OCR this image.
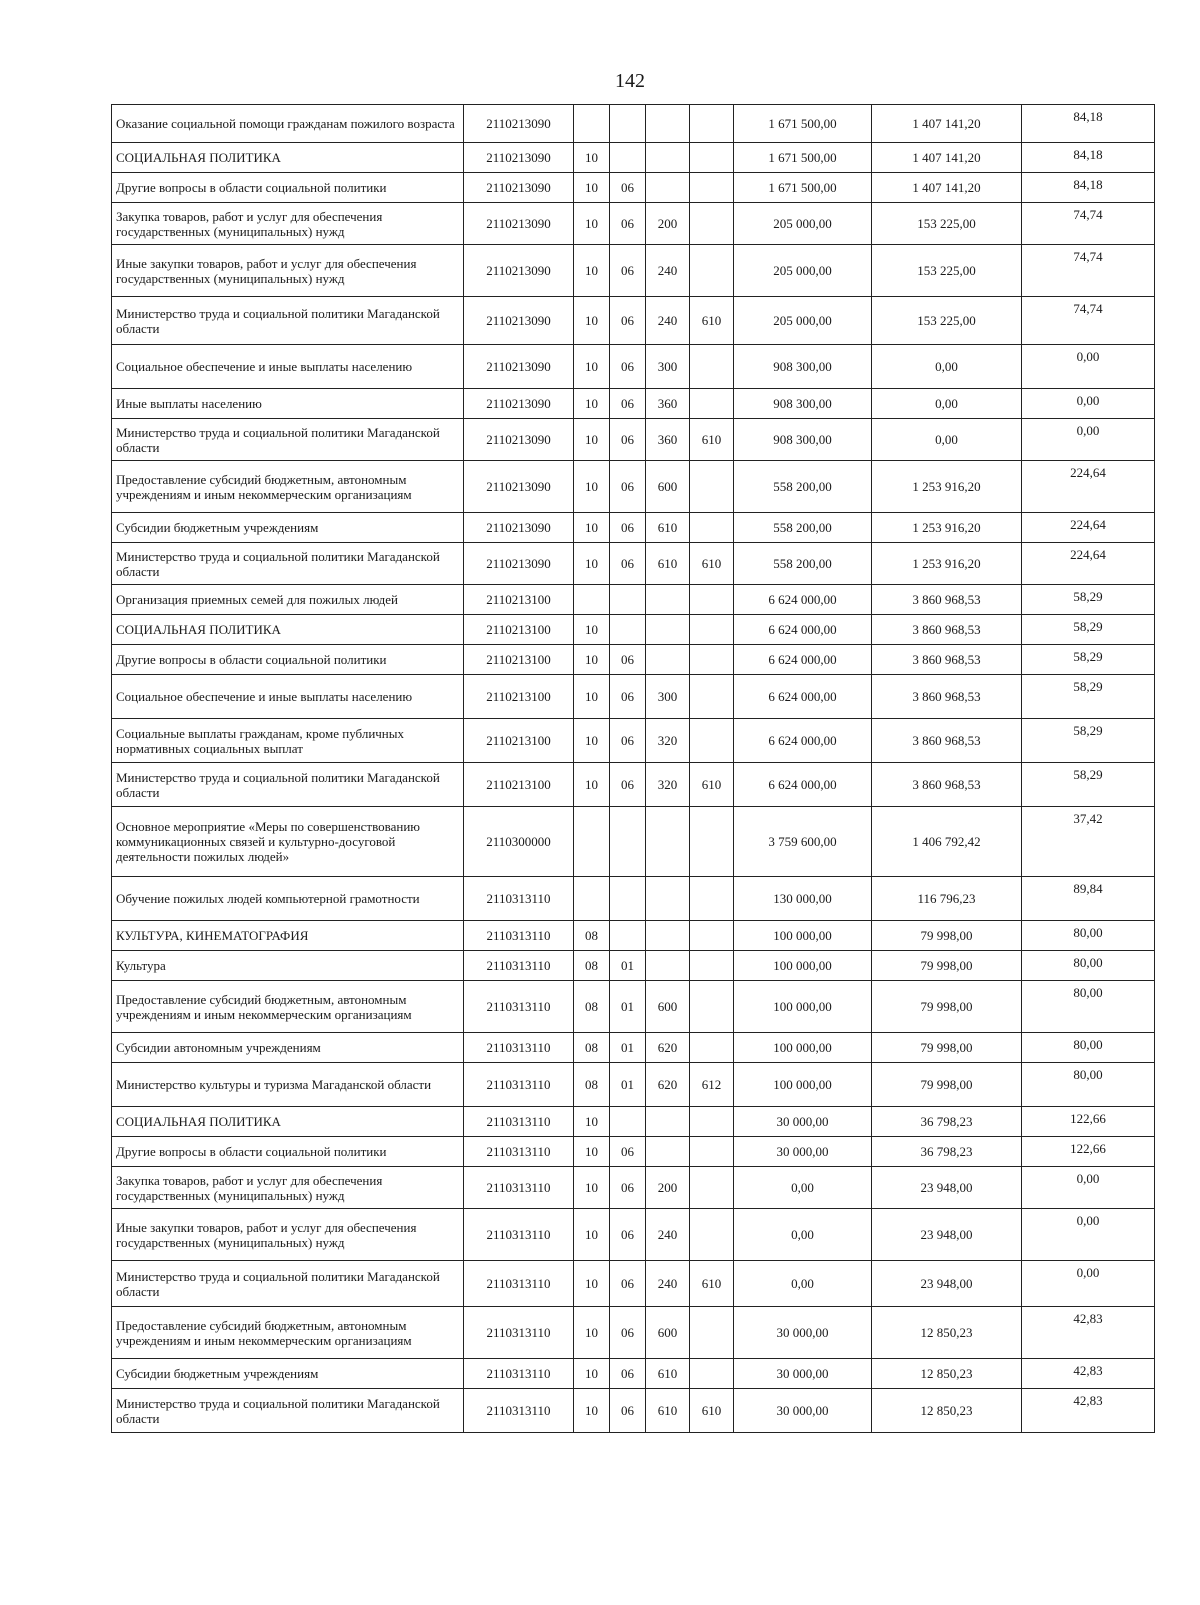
142
Оказание социальной помощи гражданам пожилого возраста	2110213090					1 671 500,00	1 407 141,20	84,18
СОЦИАЛЬНАЯ ПОЛИТИКА	2110213090	10				1 671 500,00	1 407 141,20	84,18
Другие вопросы в области социальной политики	2110213090	10	06			1 671 500,00	1 407 141,20	84,18
Закупка товаров, работ и услуг для обеспечения государственных (муниципальных) нужд	2110213090	10	06	200		205 000,00	153 225,00	74,74
Иные закупки товаров, работ и услуг для обеспечения государственных (муниципальных) нужд	2110213090	10	06	240		205 000,00	153 225,00	74,74
Министерство труда и социальной политики Магаданской области	2110213090	10	06	240	610	205 000,00	153 225,00	74,74
Социальное обеспечение и иные выплаты населению	2110213090	10	06	300		908 300,00	0,00	0,00
Иные выплаты населению	2110213090	10	06	360		908 300,00	0,00	0,00
Министерство труда и социальной политики Магаданской области	2110213090	10	06	360	610	908 300,00	0,00	0,00
Предоставление субсидий бюджетным, автономным учреждениям и иным некоммерческим организациям	2110213090	10	06	600		558 200,00	1 253 916,20	224,64
Субсидии бюджетным учреждениям	2110213090	10	06	610		558 200,00	1 253 916,20	224,64
Министерство труда и социальной политики Магаданской области	2110213090	10	06	610	610	558 200,00	1 253 916,20	224,64
Организация приемных семей для пожилых людей	2110213100					6 624 000,00	3 860 968,53	58,29
СОЦИАЛЬНАЯ ПОЛИТИКА	2110213100	10				6 624 000,00	3 860 968,53	58,29
Другие вопросы в области социальной политики	2110213100	10	06			6 624 000,00	3 860 968,53	58,29
Социальное обеспечение и иные выплаты населению	2110213100	10	06	300		6 624 000,00	3 860 968,53	58,29
Социальные выплаты гражданам, кроме публичных нормативных социальных выплат	2110213100	10	06	320		6 624 000,00	3 860 968,53	58,29
Министерство труда и социальной политики Магаданской области	2110213100	10	06	320	610	6 624 000,00	3 860 968,53	58,29
Основное мероприятие «Меры по совершенствованию коммуникационных связей и культурно-досуговой деятельности пожилых людей»	2110300000					3 759 600,00	1 406 792,42	37,42
Обучение пожилых людей компьютерной грамотности	2110313110					130 000,00	116 796,23	89,84
КУЛЬТУРА, КИНЕМАТОГРАФИЯ	2110313110	08				100 000,00	79 998,00	80,00
Культура	2110313110	08	01			100 000,00	79 998,00	80,00
Предоставление субсидий бюджетным, автономным учреждениям и иным некоммерческим организациям	2110313110	08	01	600		100 000,00	79 998,00	80,00
Субсидии автономным учреждениям	2110313110	08	01	620		100 000,00	79 998,00	80,00
Министерство культуры и туризма Магаданской области	2110313110	08	01	620	612	100 000,00	79 998,00	80,00
СОЦИАЛЬНАЯ ПОЛИТИКА	2110313110	10				30 000,00	36 798,23	122,66
Другие вопросы в области социальной политики	2110313110	10	06			30 000,00	36 798,23	122,66
Закупка товаров, работ и услуг для обеспечения государственных (муниципальных) нужд	2110313110	10	06	200		0,00	23 948,00	0,00
Иные закупки товаров, работ и услуг для обеспечения государственных (муниципальных) нужд	2110313110	10	06	240		0,00	23 948,00	0,00
Министерство труда и социальной политики Магаданской области	2110313110	10	06	240	610	0,00	23 948,00	0,00
Предоставление субсидий бюджетным, автономным учреждениям и иным некоммерческим организациям	2110313110	10	06	600		30 000,00	12 850,23	42,83
Субсидии бюджетным учреждениям	2110313110	10	06	610		30 000,00	12 850,23	42,83
Министерство труда и социальной политики Магаданской области	2110313110	10	06	610	610	30 000,00	12 850,23	42,83
